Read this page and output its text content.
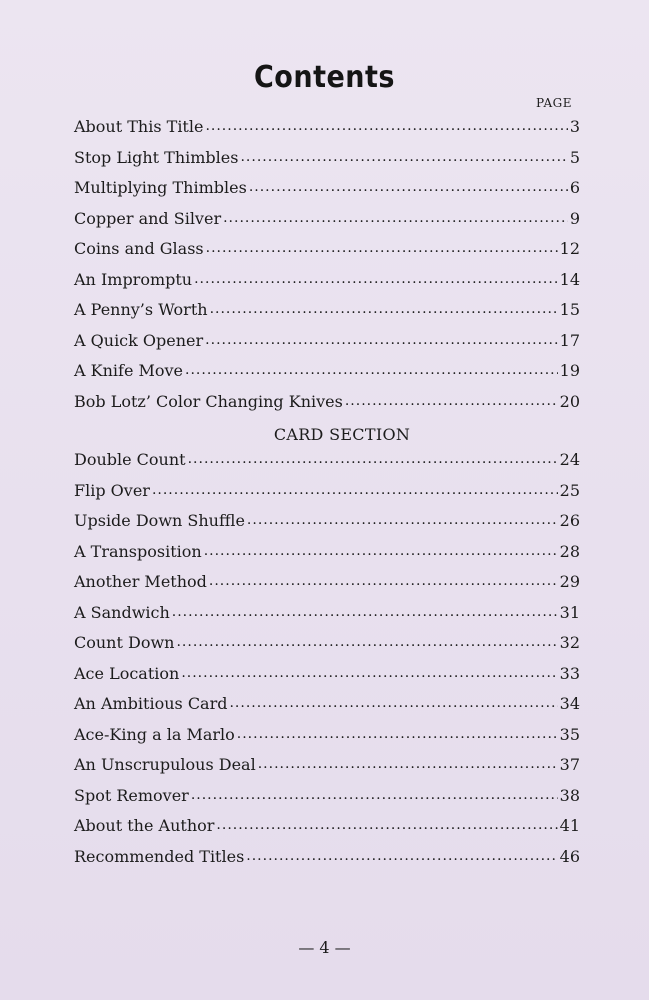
Contents
PAGE
About This Title .....	3
Stop Light Thimbles .....	5
Multiplying Thimbles .....	6
Copper and Silver .....	9
Coins and Glass .....	12
An Impromptu .....	14
A Penny’s Worth .....	15
A Quick Opener .....	17
A Knife Move .....	19
Bob Lotz’ Color Changing Knives .....	20
CARD SECTION
Double Count .....	24
Flip Over .....	25
Upside Down Shuffle .....	26
A Transposition .....	28
Another Method .....	29
A Sandwich .....	31
Count Down .....	32
Ace Location .....	33
An Ambitious Card .....	34
Ace-King a la Marlo .....	35
An Unscrupulous Deal .....	37
Spot Remover .....	38
About the Author .....	41
Recommended Titles .....	46
— 4 —
